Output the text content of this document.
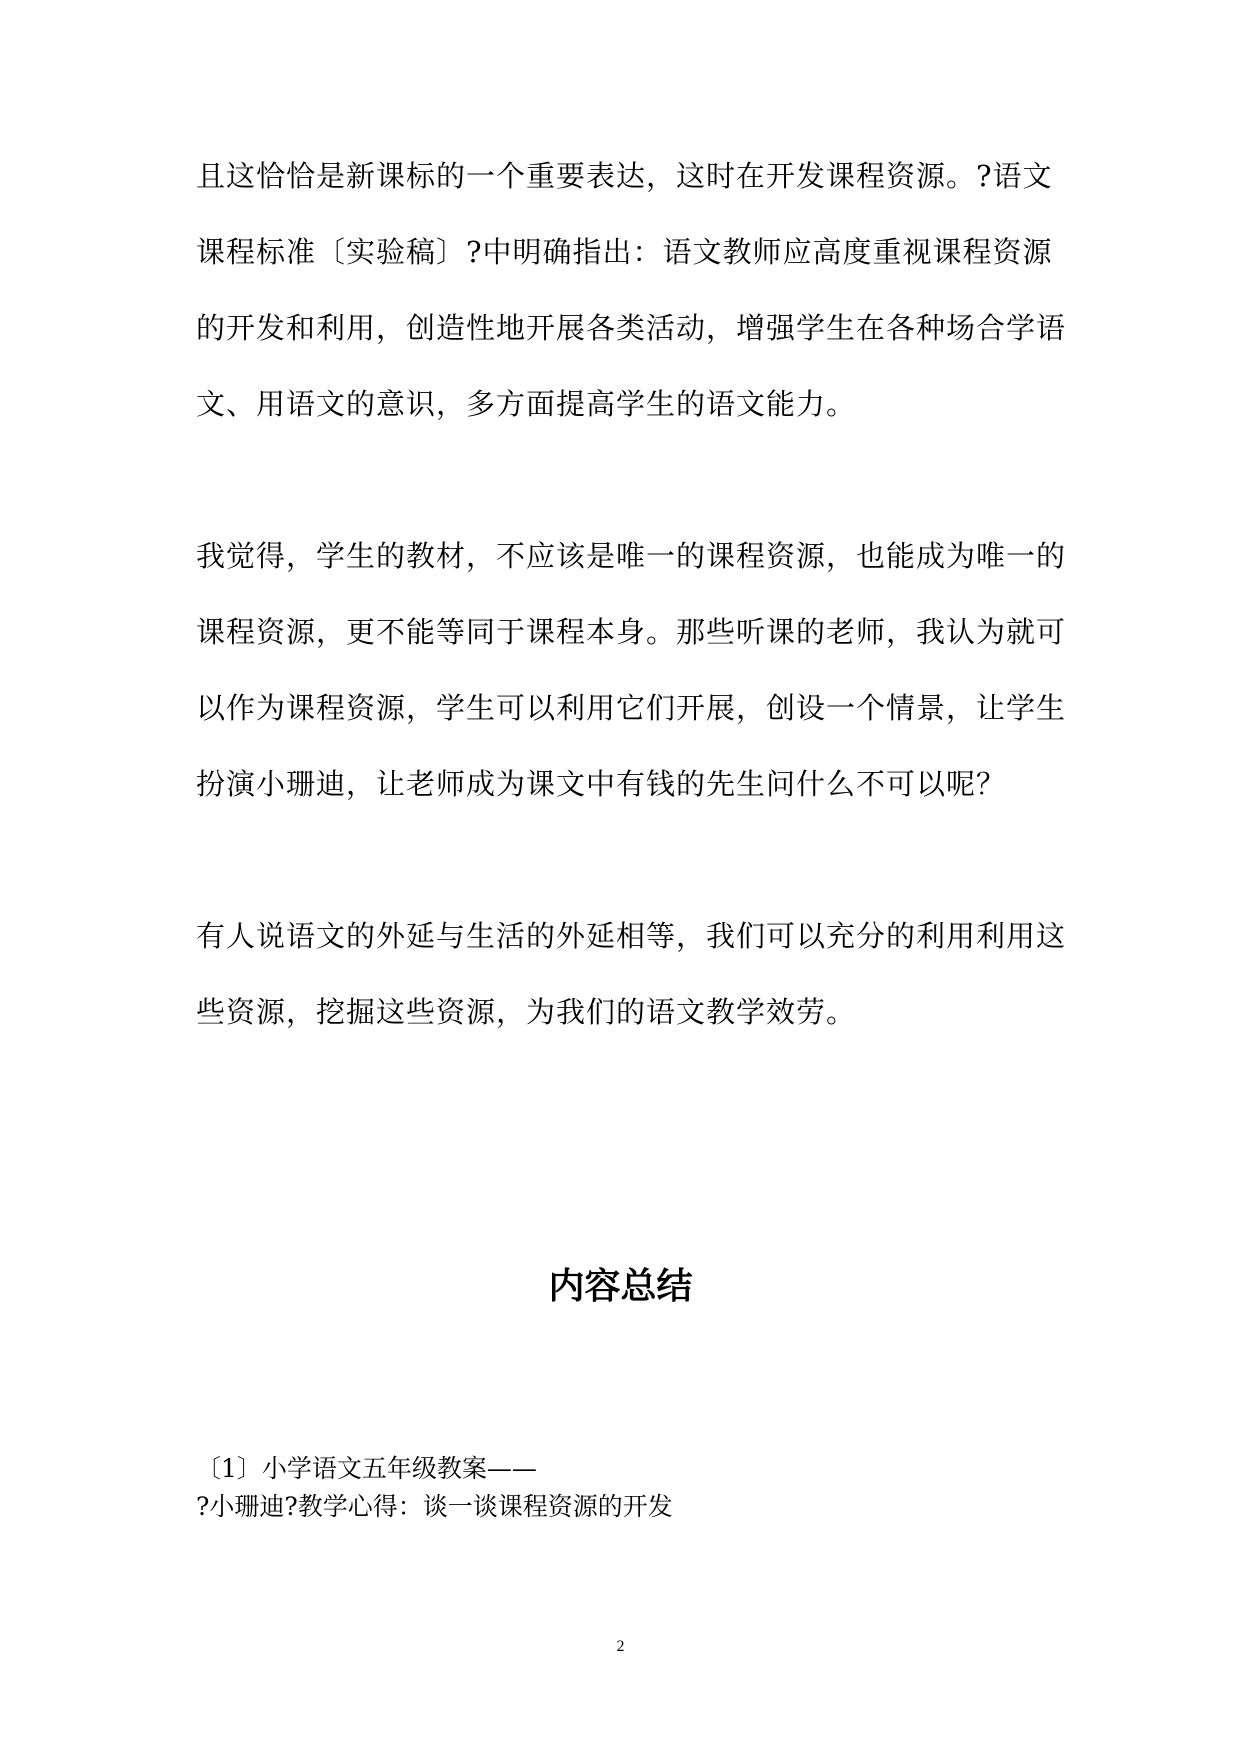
且这恰恰是新课标的一个重要表达，这时在开发课程资源。?语文
课程标准〔实验稿〕?中明确指出：语文教师应高度重视课程资源
的开发和利用，创造性地开展各类活动，增强学生在各种场合学语
文、用语文的意识，多方面提高学生的语文能力。

我觉得，学生的教材，不应该是唯一的课程资源，也能成为唯一的
课程资源，更不能等同于课程本身。那些听课的老师，我认为就可
以作为课程资源，学生可以利用它们开展，创设一个情景，让学生
扮演小珊迪，让老师成为课文中有钱的先生问什么不可以呢？

有人说语文的外延与生活的外延相等，我们可以充分的利用利用这
些资源，挖掘这些资源，为我们的语文教学效劳。

内容总结

〔1〕小学语文五年级教案——
?小珊迪?教学心得：谈一谈课程资源的开发

2
